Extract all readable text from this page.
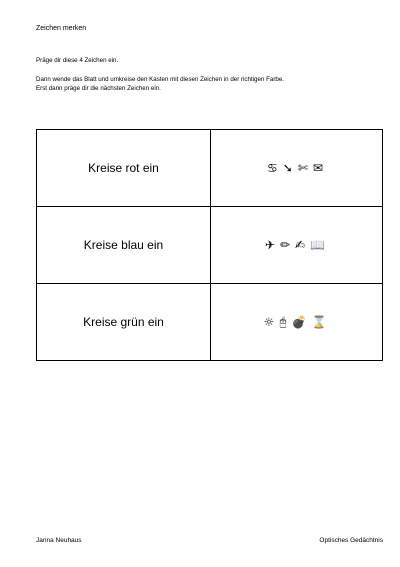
Zeichen merken
Präge dir diese 4 Zeichen ein.
Dann wende das Blatt und umkreise den Kasten mit diesen Zeichen in der richtigen Farbe.
Erst dann präge dir die nächsten Zeichen ein.
Kreise rot ein	♋ ➘ ✄ ✉
Kreise blau ein	✈ ✏ ✍ 📖
Kreise grün ein	☼ 🖰 💣 ⌛
Janna Neuhaus	Optisches Gedächtnis
